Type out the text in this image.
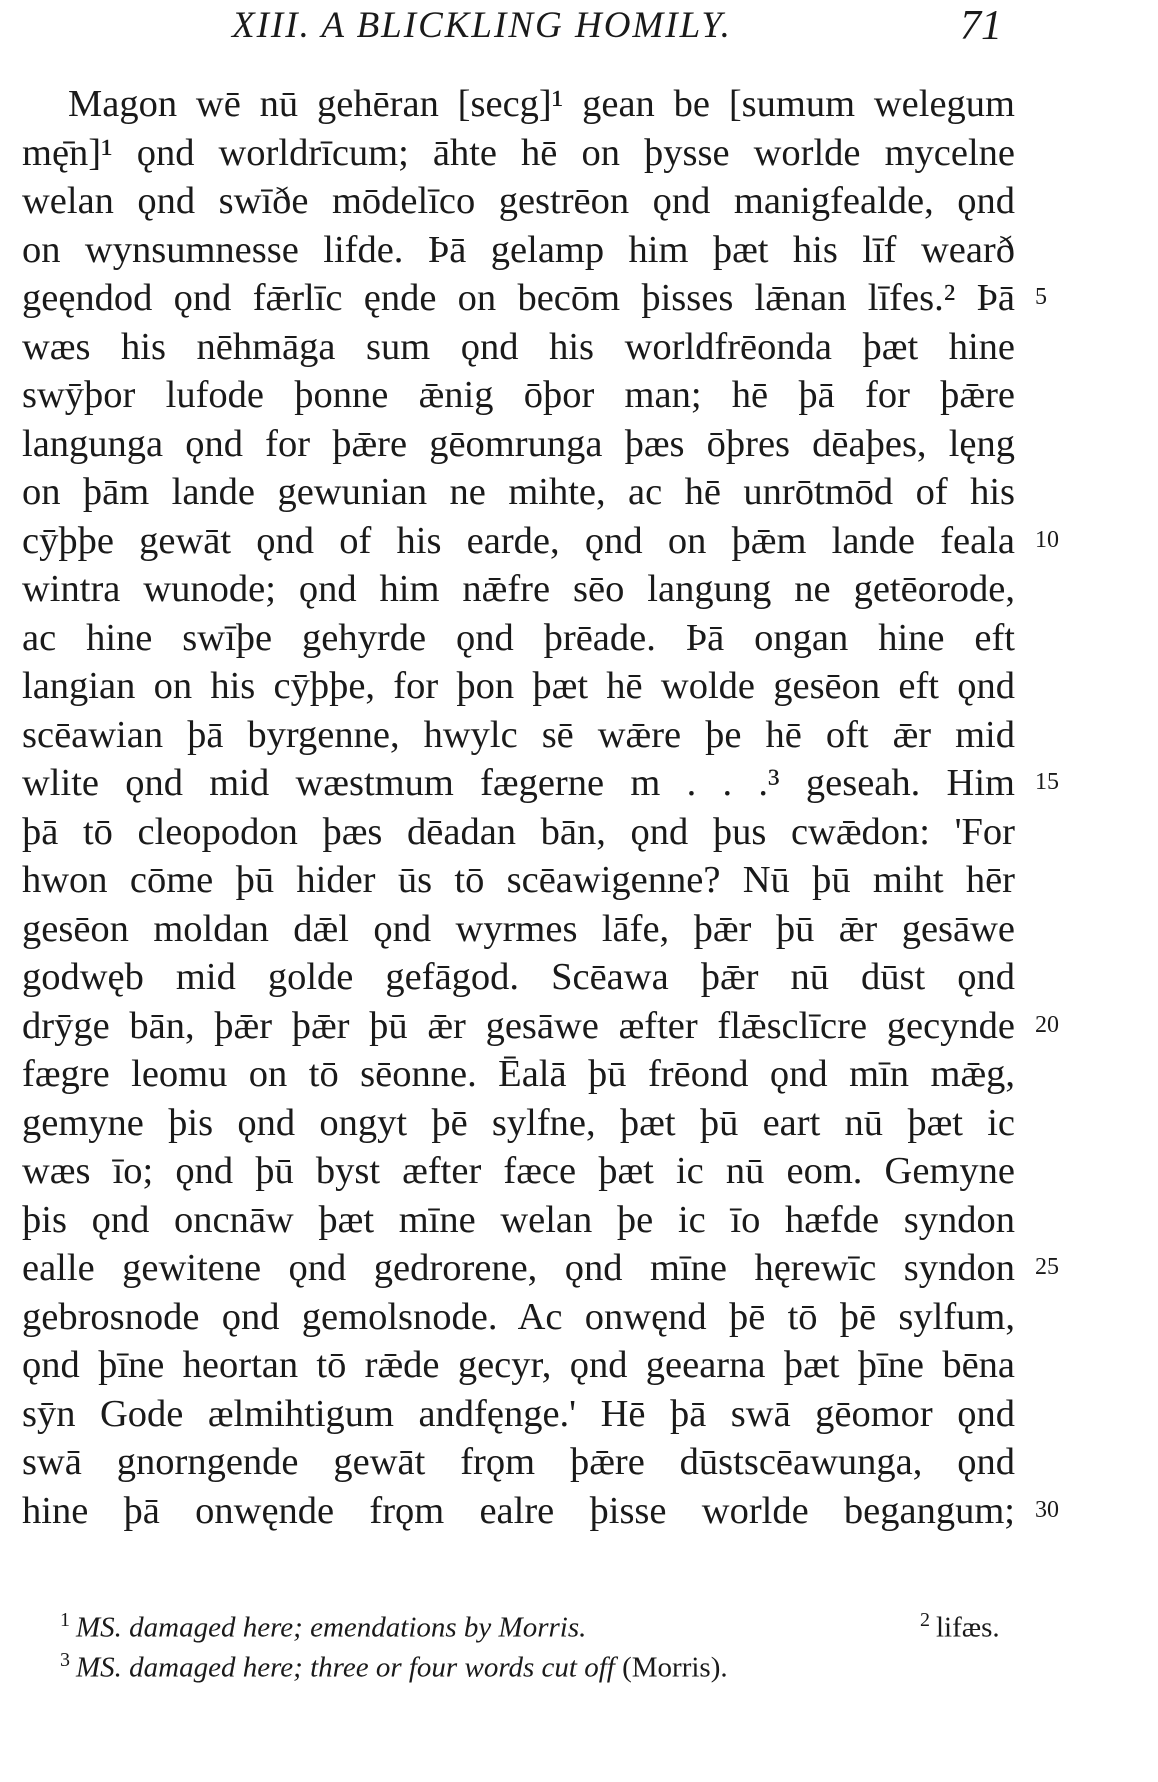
XIII. A BLICKLING HOMILY.	71
Magon wē nū gehēran [secg]¹ gean be [sumum welegum
mę̄n]¹ ǫnd worldrīcum; āhte hē on þysse worlde mycelne
welan ǫnd swīðe mōdelīco gestrēon ǫnd manigfealde, ǫnd
on wynsumnesse lifde. Þā gelamp him þæt his līf wearð
geęndod ǫnd fǣrlīc ęnde on becōm þisses lǣnan līfes.² Þā
wæs his nēhmāga sum ǫnd his worldfrēonda þæt hine
swȳþor lufode þonne ǣnig ōþor man; hē þā for þǣre
langunga ǫnd for þǣre gēomrunga þæs ōþres dēaþes, lęng
on þām lande gewunian ne mihte, ac hē unrōtmōd of his
cȳþþe gewāt ǫnd of his earde, ǫnd on þǣm lande feala
wintra wunode; ǫnd him nǣfre sēo langung ne getēorode,
ac hine swīþe gehyrde ǫnd þrēade. Þā ongan hine eft
langian on his cȳþþe, for þon þæt hē wolde gesēon eft ǫnd
scēawian þā byrgenne, hwylc sē wǣre þe hē oft ǣr mid
wlite ǫnd mid wæstmum fægerne m . . .³ geseah. Him
þā tō cleopodon þæs dēadan bān, ǫnd þus cwǣdon: 'For
hwon cōme þū hider ūs tō scēawigenne? Nū þū miht hēr
gesēon moldan dǣl ǫnd wyrmes lāfe, þǣr þū ǣr gesāwe
godwęb mid golde gefāgod. Scēawa þǣr nū dūst ǫnd
drȳge bān, þǣr þǣr þū ǣr gesāwe æfter flǣsclīcre gecynde
fægre leomu on tō sēonne. Ēalā þū frēond ǫnd mīn mǣg,
gemyne þis ǫnd ongyt þē sylfne, þæt þū eart nū þæt ic
wæs īo; ǫnd þū byst æfter fæce þæt ic nū eom. Gemyne
þis ǫnd oncnāw þæt mīne welan þe ic īo hæfde syndon
ealle gewitene ǫnd gedrorene, ǫnd mīne hęrewīc syndon
gebrosnode ǫnd gemolsnode. Ac onwęnd þē tō þē sylfum,
ǫnd þīne heortan tō rǣde gecyr, ǫnd geearna þæt þīne bēna
sȳn Gode ælmihtigum andfęnge.' Hē þā swā gēomor ǫnd
swā gnorngende gewāt frǫm þǣre dūstscēawunga, ǫnd
hine þā onwęnde frǫm ealre þisse worlde begangum;
5
10
15
20
25
30
$^1$ MS. damaged here; emendations by Morris.	$^2$ lifæs.
$^3$ MS. damaged here; three or four words cut off (Morris).
